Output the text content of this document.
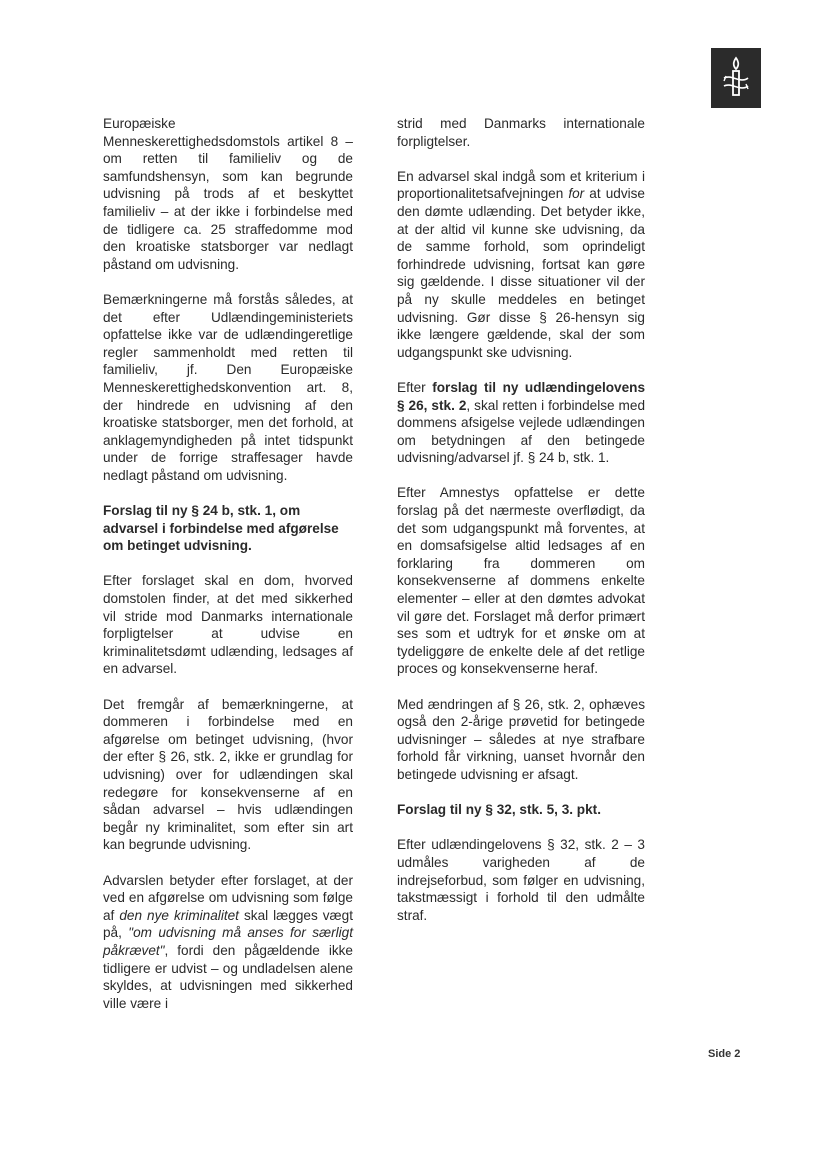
Europæiske Menneskerettighedsdomstols artikel 8 – om retten til familieliv og de samfundshensyn, som kan begrunde udvisning på trods af et beskyttet familieliv – at der ikke i forbindelse med de tidligere ca. 25 straffedomme mod den kroatiske statsborger var nedlagt påstand om udvisning.

Bemærkningerne må forstås således, at det efter Udlændingeministeriets opfattelse ikke var de udlændingeretlige regler sammenholdt med retten til familieliv, jf. Den Europæiske Menneskerettighedskonvention art. 8, der hindrede en udvisning af den kroatiske statsborger, men det forhold, at anklagemyndigheden på intet tidspunkt under de forrige straffesager havde nedlagt påstand om udvisning.

Forslag til ny § 24 b, stk. 1, om advarsel i forbindelse med afgørelse om betinget udvisning.

Efter forslaget skal en dom, hvorved domstolen finder, at det med sikkerhed vil stride mod Danmarks internationale forpligtelser at udvise en kriminalitetsdømt udlænding, ledsages af en advarsel.

Det fremgår af bemærkningerne, at dommeren i forbindelse med en afgørelse om betinget udvisning, (hvor der efter § 26, stk. 2, ikke er grundlag for udvisning) over for udlændingen skal redegøre for konsekvenserne af en sådan advarsel – hvis udlændingen begår ny kriminalitet, som efter sin art kan begrunde udvisning.

Advarslen betyder efter forslaget, at der ved en afgørelse om udvisning som følge af den nye kriminalitet skal lægges vægt på, "om udvisning må anses for særligt påkrævet", fordi den pågældende ikke tidligere er udvist – og undladelsen alene skyldes, at udvisningen med sikkerhed ville være i

strid med Danmarks internationale forpligtelser.

En advarsel skal indgå som et kriterium i proportionalitetsafvejningen for at udvise den dømte udlænding. Det betyder ikke, at der altid vil kunne ske udvisning, da de samme forhold, som oprindeligt forhindrede udvisning, fortsat kan gøre sig gældende. I disse situationer vil der på ny skulle meddeles en betinget udvisning. Gør disse § 26-hensyn sig ikke længere gældende, skal der som udgangspunkt ske udvisning.

Efter forslag til ny udlændingelovens § 26, stk. 2, skal retten i forbindelse med dommens afsigelse vejlede udlændingen om betydningen af den betingede udvisning/advarsel jf. § 24 b, stk. 1.

Efter Amnestys opfattelse er dette forslag på det nærmeste overflødigt, da det som udgangspunkt må forventes, at en domsafsigelse altid ledsages af en forklaring fra dommeren om konsekvenserne af dommens enkelte elementer – eller at den dømtes advokat vil gøre det. Forslaget må derfor primært ses som et udtryk for et ønske om at tydeliggøre de enkelte dele af det retlige proces og konsekvenserne heraf.

Med ændringen af § 26, stk. 2, ophæves også den 2-årige prøvetid for betingede udvisninger – således at nye strafbare forhold får virkning, uanset hvornår den betingede udvisning er afsagt.

Forslag til ny § 32, stk. 5, 3. pkt.

Efter udlændingelovens § 32, stk. 2 – 3 udmåles varigheden af de indrejseforbud, som følger en udvisning, takstmæssigt i forhold til den udmålte straf.

Side 2
